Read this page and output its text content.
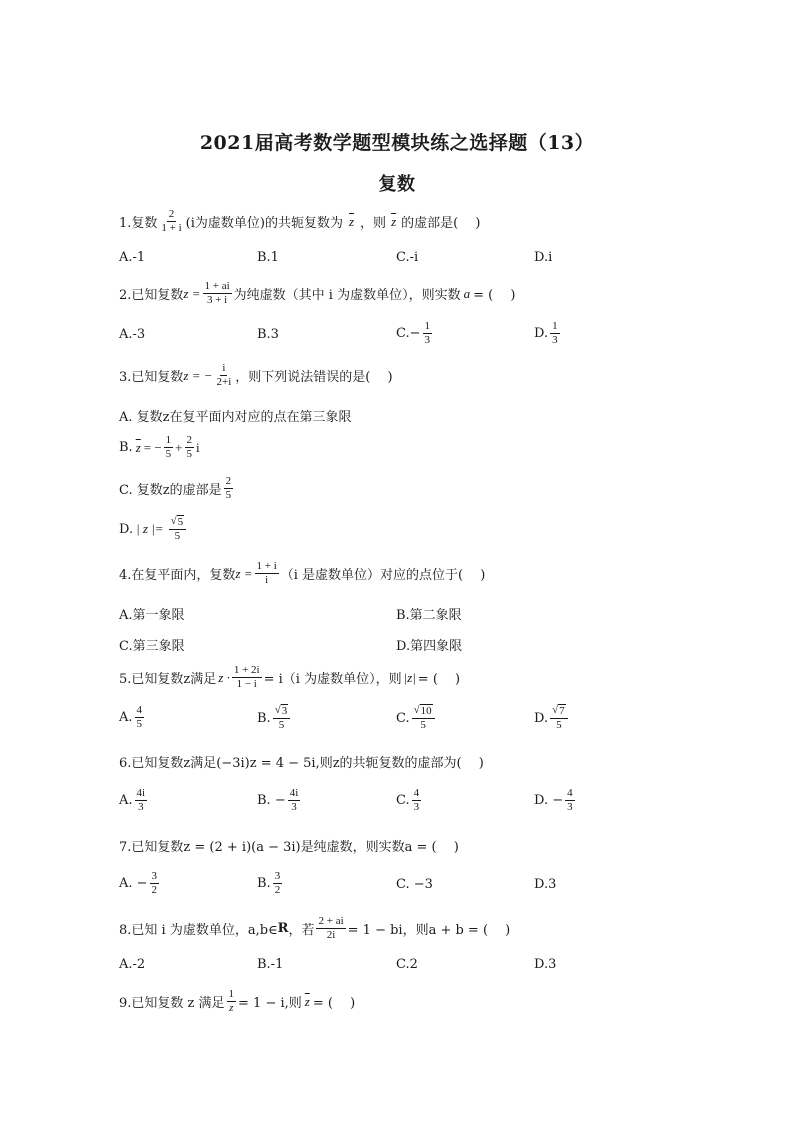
2021届高考数学题型模块练之选择题（13）
复数
1.复数 $\frac{2}{1 + i} (i$为虚数单位)的共轭复数为 $\overline{z}$ ，则 $\overline{z}$ 的虚部是(　 )
A.-1	B.1	C.-i	D.i
2.已知复数 $z = \frac{1 + ai}{3 + i}$ 为纯虚数（其中 i 为虚数单位），则实数 a = (　 )
A.-3	B.3	C. − $\frac{1}{3}$	D. $\frac{1}{3}$
3.已知复数 z = − $\frac{i}{2+i}$ ，则下列说法错误的是(　 )
A. 复数z在复平面内对应的点在第三象限
B. $\overline{z}$ = − $\frac{1}{5} + \frac{2}{5}$ i
C. 复数z的虚部是 $\frac{2}{5}$
D. | z |= $\frac{√ 5}{5}$
4.在复平面内，复数 $z = \frac{1 + i}{i} (i$ 是虚数单位）对应的点位于(　 )
A.第一象限	B.第二象限
C.第三象限	D.第四象限
5.已知复数z满足 $z \cdot \frac{1 + 2i}{1 - i} = i(i$ 为虚数单位），则 |z| = (　 )
A. $\frac{4}{5}$	B. $\frac{√ 3}{5}$	C. $\frac{√ 10}{5}$	D. $\frac{√ 7}{5}$
6.已知复数z满足(−3i)z = 4 − 5i,则z的共轭复数的虚部为(　 )
A. $\frac{4i}{3}$	B. − $\frac{4i}{3}$	C. $\frac{4}{3}$	D. − $\frac{4}{3}$
7.已知复数z = (2 + i)(a − 3i)是纯虚数，则实数a = (　 )
A. − $\frac{3}{2}$	B. $\frac{3}{2}$	C. −3	D.3
8.已知 i 为虚数单位，a,b∈ R ，若 $\frac{2 + ai}{2i} = 1$ − bi，则a + b = (　 )
A.-2	B.-1	C.2	D.3
9.已知复数 z 满足 $\frac{1}{z} = 1 - i$,则 $\overline{z}$ = (　 )
